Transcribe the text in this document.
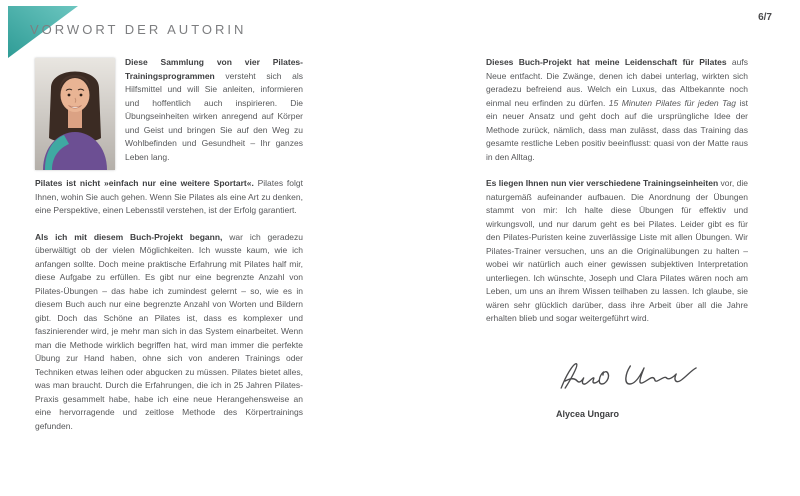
VORWORT DER AUTORIN
6/7

Diese Sammlung von vier Pilates-Trainingsprogrammen versteht sich als Hilfsmittel und will Sie anleiten, informieren und hoffentlich auch inspirieren. Die Übungseinheiten wirken anregend auf Körper und Geist und bringen Sie auf den Weg zu Wohlbefinden und Gesundheit – Ihr ganzes Leben lang.

Pilates ist nicht »einfach nur eine weitere Sportart«. Pilates folgt Ihnen, wohin Sie auch gehen. Wenn Sie Pilates als eine Art zu denken, eine Perspektive, einen Lebensstil verstehen, ist der Erfolg garantiert.

Als ich mit diesem Buch-Projekt begann, war ich geradezu überwältigt ob der vielen Möglichkeiten. Ich wusste kaum, wie ich anfangen sollte. Doch meine praktische Erfahrung mit Pilates half mir, diese Aufgabe zu erfüllen. Es gibt nur eine begrenzte Anzahl von Pilates-Übungen – das habe ich zumindest gelernt – so, wie es in diesem Buch auch nur eine begrenzte Anzahl von Worten und Bildern gibt. Doch das Schöne an Pilates ist, dass es komplexer und faszinierender wird, je mehr man sich in das System einarbeitet. Wenn man die Methode wirklich begriffen hat, wird man immer die perfekte Übung zur Hand haben, ohne sich von anderen Trainings oder Techniken etwas leihen oder abgucken zu müssen. Pilates bietet alles, was man braucht. Durch die Erfahrungen, die ich in 25 Jahren Pilates-Praxis gesammelt habe, habe ich eine neue Herangehensweise an eine hervorragende und zeitlose Methode des Körpertrainings gefunden.

Dieses Buch-Projekt hat meine Leidenschaft für Pilates aufs Neue entfacht. Die Zwänge, denen ich dabei unterlag, wirkten sich geradezu befreiend aus. Welch ein Luxus, das Altbekannte noch einmal neu erfinden zu dürfen. 15 Minuten Pilates für jeden Tag ist ein neuer Ansatz und geht doch auf die ursprüngliche Idee der Methode zurück, nämlich, dass man zulässt, dass das Training das gesamte restliche Leben positiv beeinflusst: quasi von der Matte raus in den Alltag.

Es liegen Ihnen nun vier verschiedene Trainingseinheiten vor, die naturgemäß aufeinander aufbauen. Die Anordnung der Übungen stammt von mir: Ich halte diese Übungen für effektiv und wirkungsvoll, und nur darum geht es bei Pilates. Leider gibt es für den Pilates-Puristen keine zuverlässige Liste mit allen Übungen. Wir Pilates-Trainer versuchen, uns an die Originalübungen zu halten – wobei wir natürlich auch einer gewissen subjektiven Interpretation unterliegen. Ich wünschte, Joseph und Clara Pilates wären noch am Leben, um uns an ihrem Wissen teilhaben zu lassen. Ich glaube, sie wären sehr glücklich darüber, dass ihre Arbeit über all die Jahre erhalten blieb und sogar weitergeführt wird.

Alycea Ungaro
